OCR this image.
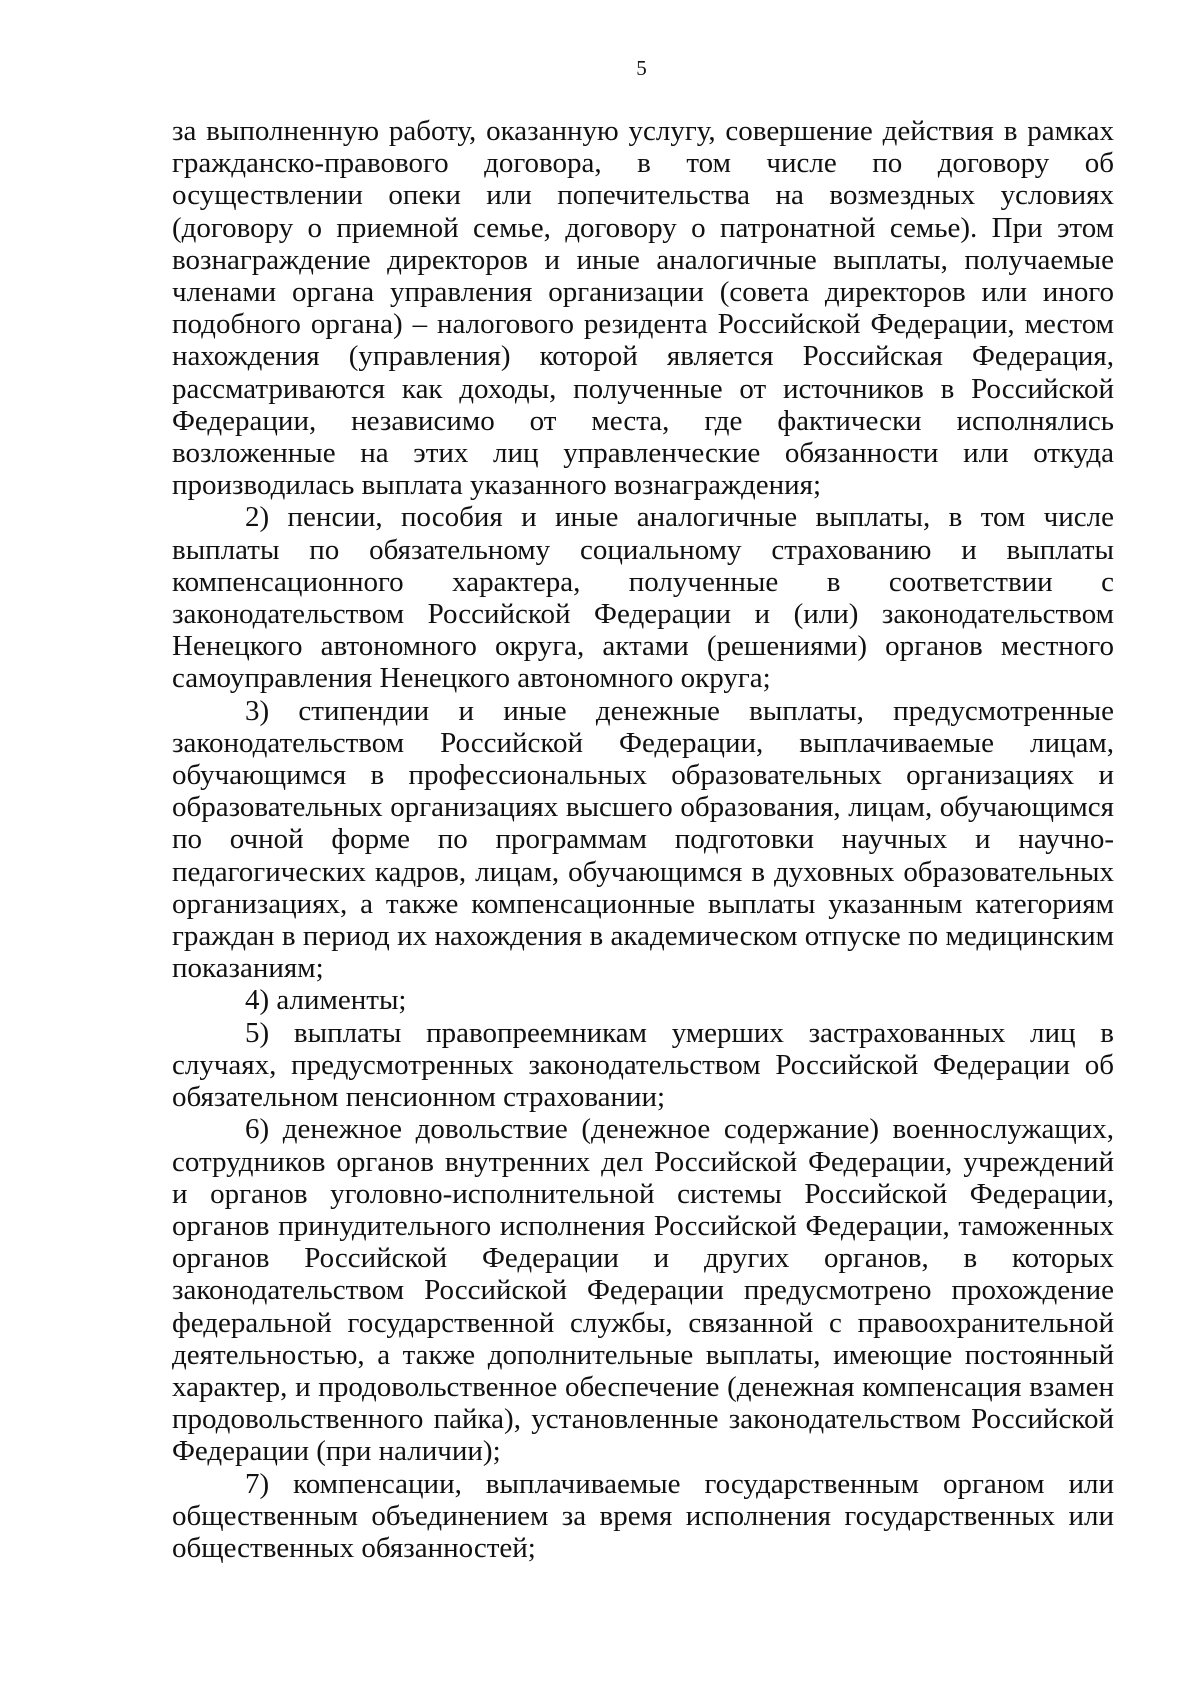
5

за выполненную работу, оказанную услугу, совершение действия в рамках гражданско-правового договора, в том числе по договору об осуществлении опеки или попечительства на возмездных условиях (договору о приемной семье, договору о патронатной семье). При этом вознаграждение директоров и иные аналогичные выплаты, получаемые членами органа управления организации (совета директоров или иного подобного органа) – налогового резидента Российской Федерации, местом нахождения (управления) которой является Российская Федерация, рассматриваются как доходы, полученные от источников в Российской Федерации, независимо от места, где фактически исполнялись возложенные на этих лиц управленческие обязанности или откуда производилась выплата указанного вознаграждения;

2) пенсии, пособия и иные аналогичные выплаты, в том числе выплаты по обязательному социальному страхованию и выплаты компенсационного характера, полученные в соответствии с законодательством Российской Федерации и (или) законодательством Ненецкого автономного округа, актами (решениями) органов местного самоуправления Ненецкого автономного округа;

3) стипендии и иные денежные выплаты, предусмотренные законодательством Российской Федерации, выплачиваемые лицам, обучающимся в профессиональных образовательных организациях и образовательных организациях высшего образования, лицам, обучающимся по очной форме по программам подготовки научных и научно-педагогических кадров, лицам, обучающимся в духовных образовательных организациях, а также компенсационные выплаты указанным категориям граждан в период их нахождения в академическом отпуске по медицинским показаниям;

4) алименты;

5) выплаты правопреемникам умерших застрахованных лиц в случаях, предусмотренных законодательством Российской Федерации об обязательном пенсионном страховании;

6) денежное довольствие (денежное содержание) военнослужащих, сотрудников органов внутренних дел Российской Федерации, учреждений и органов уголовно-исполнительной системы Российской Федерации, органов принудительного исполнения Российской Федерации, таможенных органов Российской Федерации и других органов, в которых законодательством Российской Федерации предусмотрено прохождение федеральной государственной службы, связанной с правоохранительной деятельностью, а также дополнительные выплаты, имеющие постоянный характер, и продовольственное обеспечение (денежная компенсация взамен продовольственного пайка), установленные законодательством Российской Федерации (при наличии);

7) компенсации, выплачиваемые государственным органом или общественным объединением за время исполнения государственных или общественных обязанностей;
